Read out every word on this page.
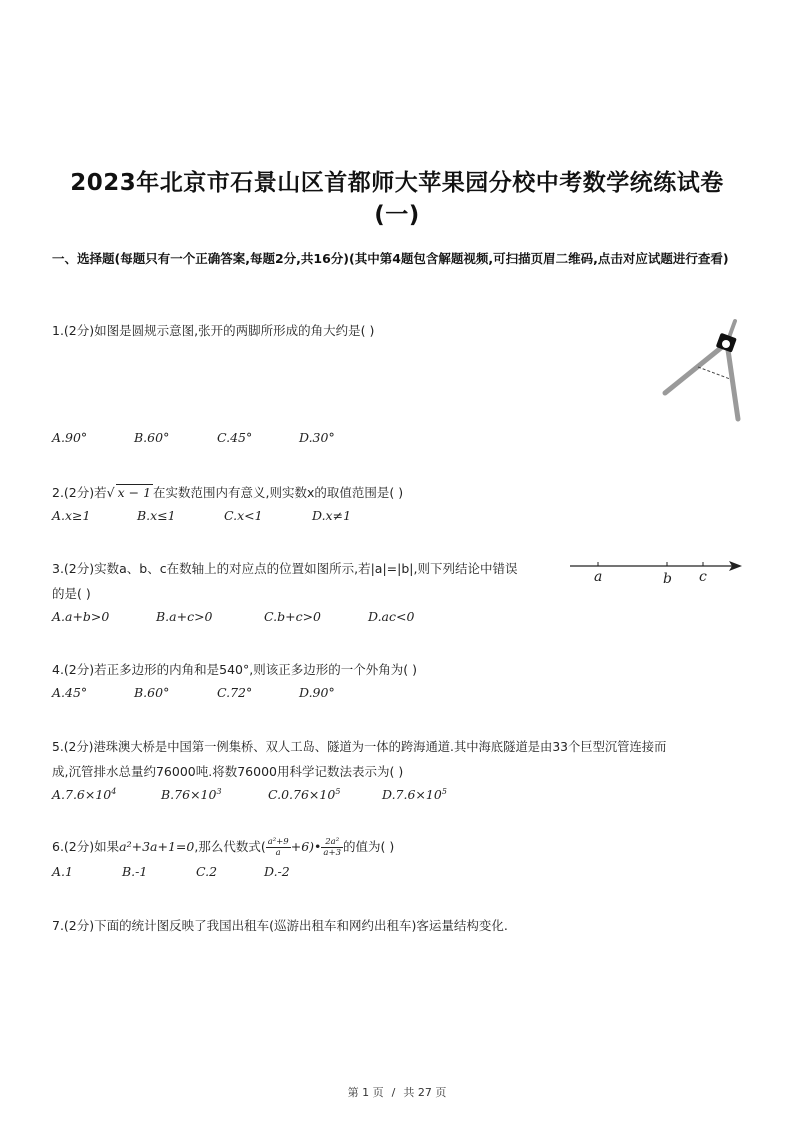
2023年北京市石景山区首都师大苹果园分校中考数学统练试卷
(一)
一、选择题(每题只有一个正确答案,每题2分,共16分)(其中第4题包含解题视频,可扫描页眉二维码,点击对应试题进行查看)
1.(2分)如图是圆规示意图,张开的两脚所形成的角大约是( )
A.90°	B.60°	C.45°	D.30°
2.(2分)若√ x − 1 在实数范围内有意义,则实数x的取值范围是( )
A.x≥1	B.x≤1	C.x<1	D.x≠1
3.(2分)实数a、b、c在数轴上的对应点的位置如图所示,若|a|=|b|,则下列结论中错误
的是( )
a	b c
A.a+b>0	B.a+c>0	C.b+c>0	D.ac<0
4.(2分)若正多边形的内角和是540°,则该正多边形的一个外角为( )
A.45°	B.60°	C.72°	D.90°
5.(2分)港珠澳大桥是中国第一例集桥、双人工岛、隧道为一体的跨海通道.其中海底隧道是由33个巨型沉管连接而
成,沉管排水总量约76000吨.将数76000用科学记数法表示为( )
$A.7.6\times 10^4$	$B.76\times 10^3$	$C.0.76\times 10^5$	$D.7.6\times 10^5$
6.(2分)如果a²+3a+1=0,那么代数式( $\frac{\text{a²+9}}{a}$ +6)• $\frac{\text{2a²}}{a+3}$ 的值为( )
A.1	B.-1	C.2	D.-2
7.(2分)下面的统计图反映了我国出租车(巡游出租车和网约出租车)客运量结构变化.
第 1 页 / 共 27 页
